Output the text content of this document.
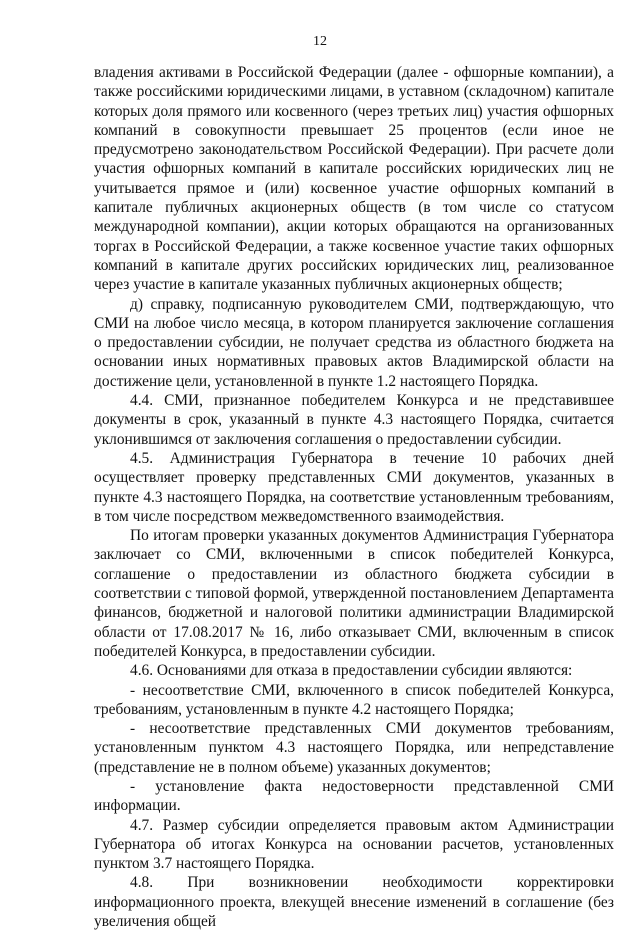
12

владения активами в Российской Федерации (далее - офшорные компании), а также российскими юридическими лицами, в уставном (складочном) капитале которых доля прямого или косвенного (через третьих лиц) участия офшорных компаний в совокупности превышает 25 процентов (если иное не предусмотрено законодательством Российской Федерации). При расчете доли участия офшорных компаний в капитале российских юридических лиц не учитывается прямое и (или) косвенное участие офшорных компаний в капитале публичных акционерных обществ (в том числе со статусом международной компании), акции которых обращаются на организованных торгах в Российской Федерации, а также косвенное участие таких офшорных компаний в капитале других российских юридических лиц, реализованное через участие в капитале указанных публичных акционерных обществ;

д) справку, подписанную руководителем СМИ, подтверждающую, что СМИ на любое число месяца, в котором планируется заключение соглашения о предоставлении субсидии, не получает средства из областного бюджета на основании иных нормативных правовых актов Владимирской области на достижение цели, установленной в пункте 1.2 настоящего Порядка.

4.4. СМИ, признанное победителем Конкурса и не представившее документы в срок, указанный в пункте 4.3 настоящего Порядка, считается уклонившимся от заключения соглашения о предоставлении субсидии.

4.5. Администрация Губернатора в течение 10 рабочих дней осуществляет проверку представленных СМИ документов, указанных в пункте 4.3 настоящего Порядка, на соответствие установленным требованиям, в том числе посредством межведомственного взаимодействия.

По итогам проверки указанных документов Администрация Губернатора заключает со СМИ, включенными в список победителей Конкурса, соглашение о предоставлении из областного бюджета субсидии в соответствии с типовой формой, утвержденной постановлением Департамента финансов, бюджетной и налоговой политики администрации Владимирской области от 17.08.2017 № 16, либо отказывает СМИ, включенным в список победителей Конкурса, в предоставлении субсидии.

4.6. Основаниями для отказа в предоставлении субсидии являются:

- несоответствие СМИ, включенного в список победителей Конкурса, требованиям, установленным в пункте 4.2 настоящего Порядка;

- несоответствие представленных СМИ документов требованиям, установленным пунктом 4.3 настоящего Порядка, или непредставление (представление не в полном объеме) указанных документов;

- установление факта недостоверности представленной СМИ информации.

4.7. Размер субсидии определяется правовым актом Администрации Губернатора об итогах Конкурса на основании расчетов, установленных пунктом 3.7 настоящего Порядка.

4.8. При возникновении необходимости корректировки информационного проекта, влекущей внесение изменений в соглашение (без увеличения общей
